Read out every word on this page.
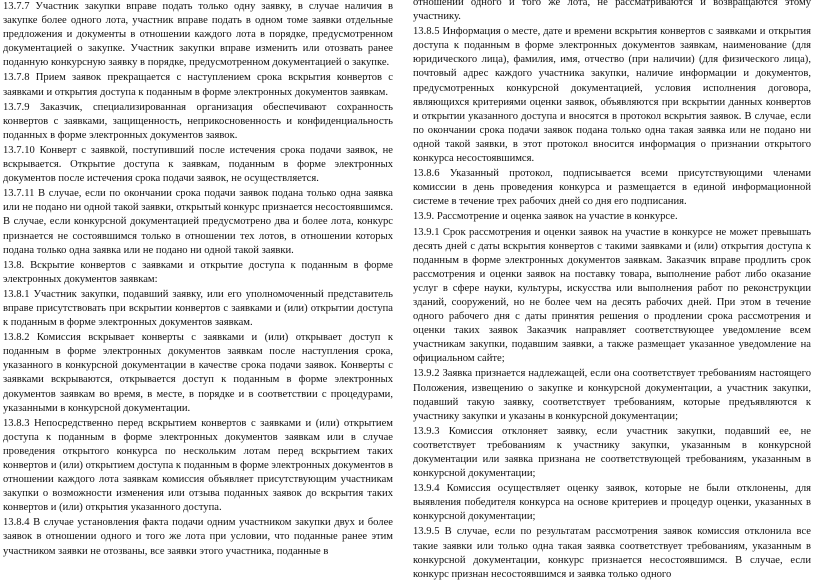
13.7.7 Участник закупки вправе подать только одну заявку, в случае наличия в закупке более одного лота, участник вправе подать в одном томе заявки отдельные предложения и документы в отношении каждого лота в порядке, предусмотренном документацией о закупке. Участник закупки вправе изменить или отозвать ранее поданную конкурсную заявку в порядке, предусмотренном документацией о закупке.

13.7.8 Прием заявок прекращается с наступлением срока вскрытия конвертов с заявками и открытия доступа к поданным в форме электронных документов заявкам.

13.7.9 Заказчик, специализированная организация обеспечивают сохранность конвертов с заявками, защищенность, неприкосновенность и конфиденциальность поданных в форме электронных документов заявок.

13.7.10 Конверт с заявкой, поступивший после истечения срока подачи заявок, не вскрывается. Открытие доступа к заявкам, поданным в форме электронных документов после истечения срока подачи заявок, не осуществляется.

13.7.11 В случае, если по окончании срока подачи заявок подана только одна заявка или не подано ни одной такой заявки, открытый конкурс признается несостоявшимся. В случае, если конкурсной документацией предусмотрено два и более лота, конкурс признается не состоявшимся только в отношении тех лотов, в отношении которых подана только одна заявка или не подано ни одной такой заявки.

13.8. Вскрытие конвертов с заявками и открытие доступа к поданным в форме электронных документов заявкам:

13.8.1 Участник закупки, подавший заявку, или его уполномоченный представитель вправе присутствовать при вскрытии конвертов с заявками и (или) открытии доступа к поданным в форме электронных документов заявкам.

13.8.2 Комиссия вскрывает конверты с заявками и (или) открывает доступ к поданным в форме электронных документов заявкам после наступления срока, указанного в конкурсной документации в качестве срока подачи заявок. Конверты с заявками вскрываются, открывается доступ к поданным в форме электронных документов заявкам во время, в месте, в порядке и в соответствии с процедурами, указанными в конкурсной документации.

13.8.3 Непосредственно перед вскрытием конвертов с заявками и (или) открытием доступа к поданным в форме электронных документов заявкам или в случае проведения открытого конкурса по нескольким лотам перед вскрытием таких конвертов и (или) открытием доступа к поданным в форме электронных документов в отношении каждого лота заявкам комиссия объявляет присутствующим участникам закупки о возможности изменения или отзыва поданных заявок до вскрытия таких конвертов и (или) открытия указанного доступа.

13.8.4 В случае установления факта подачи одним участником закупки двух и более заявок в отношении одного и того же лота при условии, что поданные ранее этим участником заявки не отозваны, все заявки этого участника, поданные в

отношении одного и того же лота, не рассматриваются и возвращаются этому участнику.

13.8.5 Информация о месте, дате и времени вскрытия конвертов с заявками и открытия доступа к поданным в форме электронных документов заявкам, наименование (для юридического лица), фамилия, имя, отчество (при наличии) (для физического лица), почтовый адрес каждого участника закупки, наличие информации и документов, предусмотренных конкурсной документацией, условия исполнения договора, являющихся критериями оценки заявок, объявляются при вскрытии данных конвертов и открытии указанного доступа и вносятся в протокол вскрытия заявок. В случае, если по окончании срока подачи заявок подана только одна такая заявка или не подано ни одной такой заявки, в этот протокол вносится информация о признании открытого конкурса несостоявшимся.

13.8.6 Указанный протокол, подписывается всеми присутствующими членами комиссии в день проведения конкурса и размещается в единой информационной системе в течение трех рабочих дней со дня его подписания.

13.9. Рассмотрение и оценка заявок на участие в конкурсе.

13.9.1 Срок рассмотрения и оценки заявок на участие в конкурсе не может превышать десять дней с даты вскрытия конвертов с такими заявками и (или) открытия доступа к поданным в форме электронных документов заявкам. Заказчик вправе продлить срок рассмотрения и оценки заявок на поставку товара, выполнение работ либо оказание услуг в сфере науки, культуры, искусства или выполнения работ по реконструкции зданий, сооружений, но не более чем на десять рабочих дней. При этом в течение одного рабочего дня с даты принятия решения о продлении срока рассмотрения и оценки таких заявок Заказчик направляет соответствующее уведомление всем участникам закупки, подавшим заявки, а также размещает указанное уведомление на официальном сайте;

13.9.2 Заявка признается надлежащей, если она соответствует требованиям настоящего Положения, извещению о закупке и конкурсной документации, а участник закупки, подавший такую заявку, соответствует требованиям, которые предъявляются к участнику закупки и указаны в конкурсной документации;

13.9.3 Комиссия отклоняет заявку, если участник закупки, подавший ее, не соответствует требованиям к участнику закупки, указанным в конкурсной документации или заявка признана не соответствующей требованиям, указанным в конкурсной документации;

13.9.4 Комиссия осуществляет оценку заявок, которые не были отклонены, для выявления победителя конкурса на основе критериев и процедур оценки, указанных в конкурсной документации;

13.9.5 В случае, если по результатам рассмотрения заявок комиссия отклонила все такие заявки или только одна такая заявка соответствует требованиям, указанным в конкурсной документации, конкурс признается несостоявшимся. В случае, если конкурс признан несостоявшимся и заявка только одного
